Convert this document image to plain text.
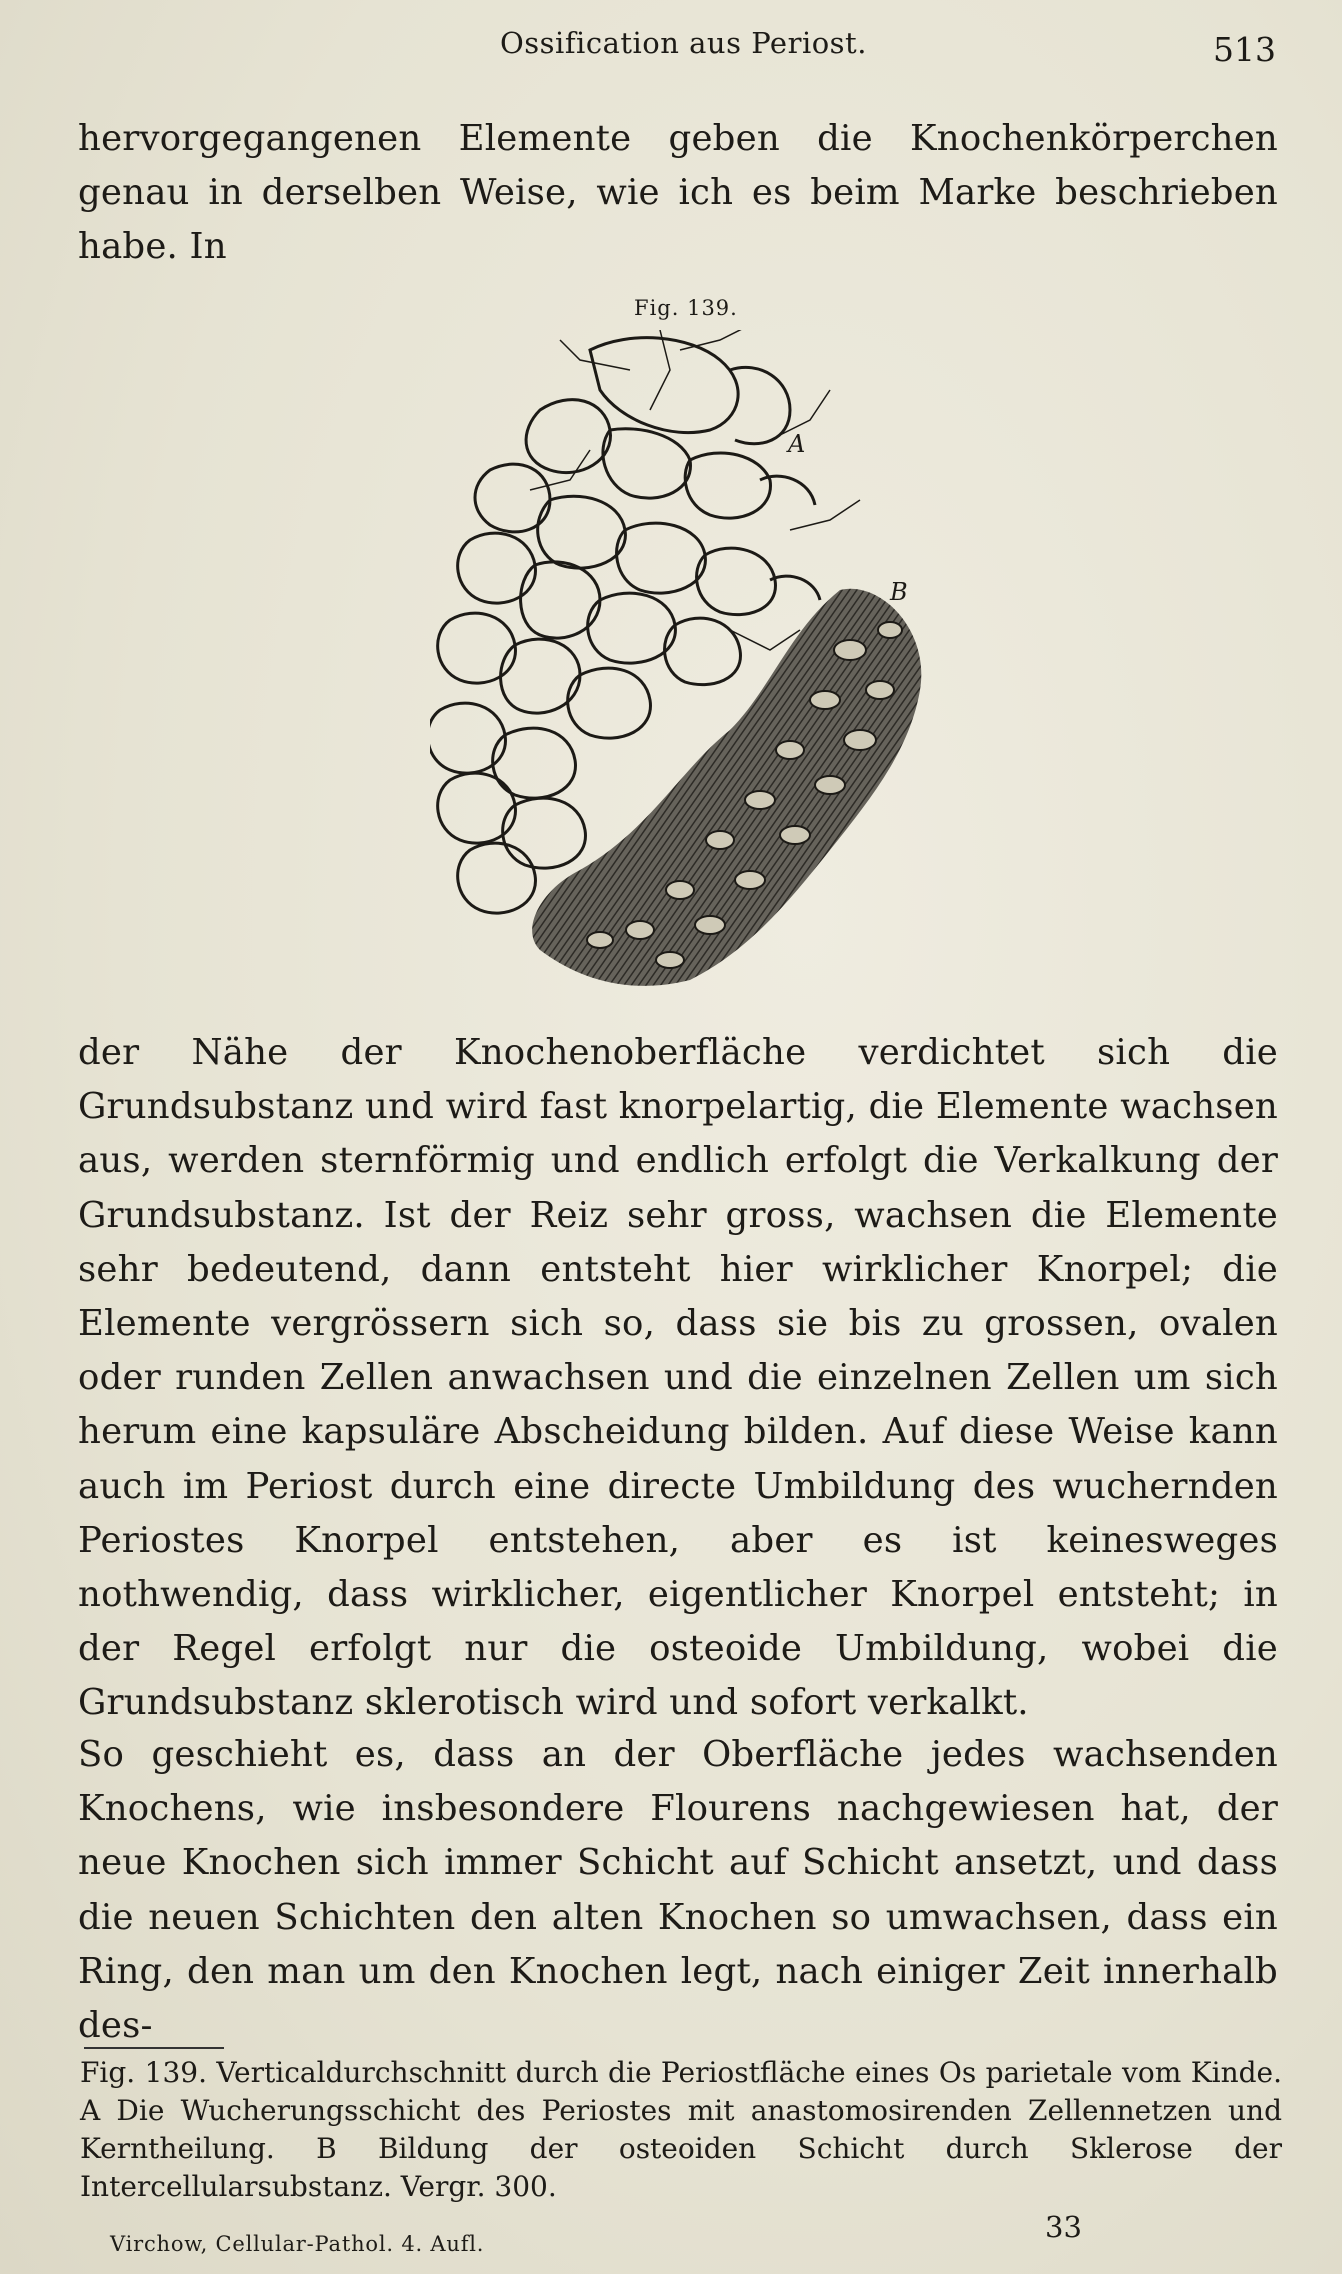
Ossification aus Periost.	513

hervorgegangenen Elemente geben die Knochenkörperchen genau in derselben Weise, wie ich es beim Marke beschrieben habe. In

Fig. 139.
A
B

der Nähe der Knochenoberfläche verdichtet sich die Grundsubstanz und wird fast knorpelartig, die Elemente wachsen aus, werden sternförmig und endlich erfolgt die Verkalkung der Grundsubstanz. Ist der Reiz sehr gross, wachsen die Elemente sehr bedeutend, dann entsteht hier wirklicher Knorpel; die Elemente vergrössern sich so, dass sie bis zu grossen, ovalen oder runden Zellen anwachsen und die einzelnen Zellen um sich herum eine kapsuläre Abscheidung bilden. Auf diese Weise kann auch im Periost durch eine directe Umbildung des wuchernden Periostes Knorpel entstehen, aber es ist keinesweges nothwendig, dass wirklicher, eigentlicher Knorpel entsteht; in der Regel erfolgt nur die osteoide Umbildung, wobei die Grundsubstanz sklerotisch wird und sofort verkalkt.

So geschieht es, dass an der Oberfläche jedes wachsenden Knochens, wie insbesondere Flourens nachgewiesen hat, der neue Knochen sich immer Schicht auf Schicht ansetzt, und dass die neuen Schichten den alten Knochen so umwachsen, dass ein Ring, den man um den Knochen legt, nach einiger Zeit innerhalb des-

Fig. 139. Verticaldurchschnitt durch die Periostfläche eines Os parietale vom Kinde. A Die Wucherungsschicht des Periostes mit anastomosirenden Zellennetzen und Kerntheilung. B Bildung der osteoiden Schicht durch Sklerose der Intercellularsubstanz. Vergr. 300.

Virchow, Cellular-Pathol. 4. Aufl.	33
